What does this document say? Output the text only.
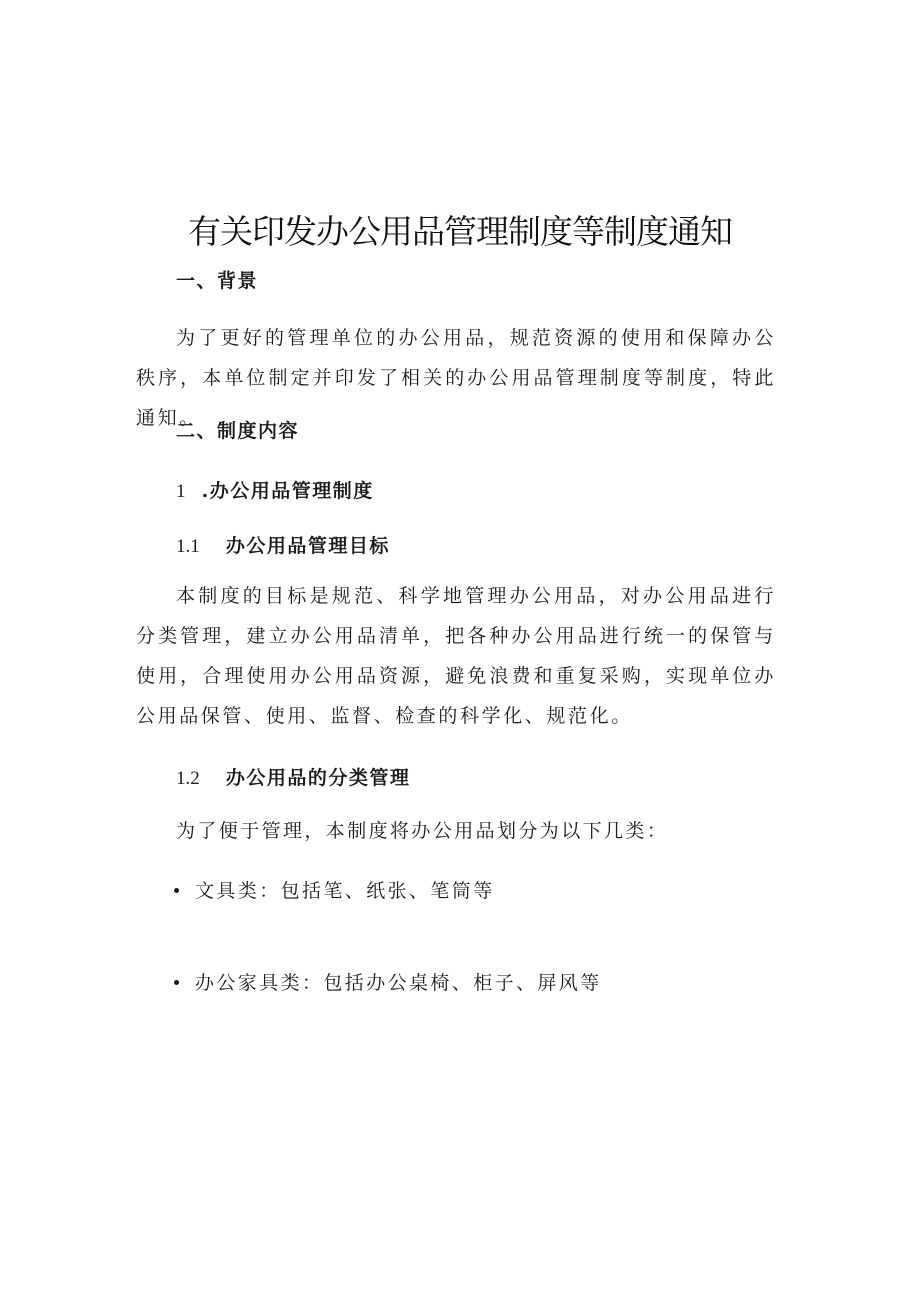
有关印发办公用品管理制度等制度通知
一、背景

为了更好的管理单位的办公用品，规范资源的使用和保障办公秩序，本单位制定并印发了相关的办公用品管理制度等制度，特此通知。

二、制度内容
1 .办公用品管理制度
1.1 办公用品管理目标

本制度的目标是规范、科学地管理办公用品，对办公用品进行分类管理，建立办公用品清单，把各种办公用品进行统一的保管与使用，合理使用办公用品资源，避免浪费和重复采购，实现单位办公用品保管、使用、监督、检查的科学化、规范化。

1.2 办公用品的分类管理
为了便于管理，本制度将办公用品划分为以下几类：
文具类：包括笔、纸张、笔筒等
办公家具类：包括办公桌椅、柜子、屏风等
